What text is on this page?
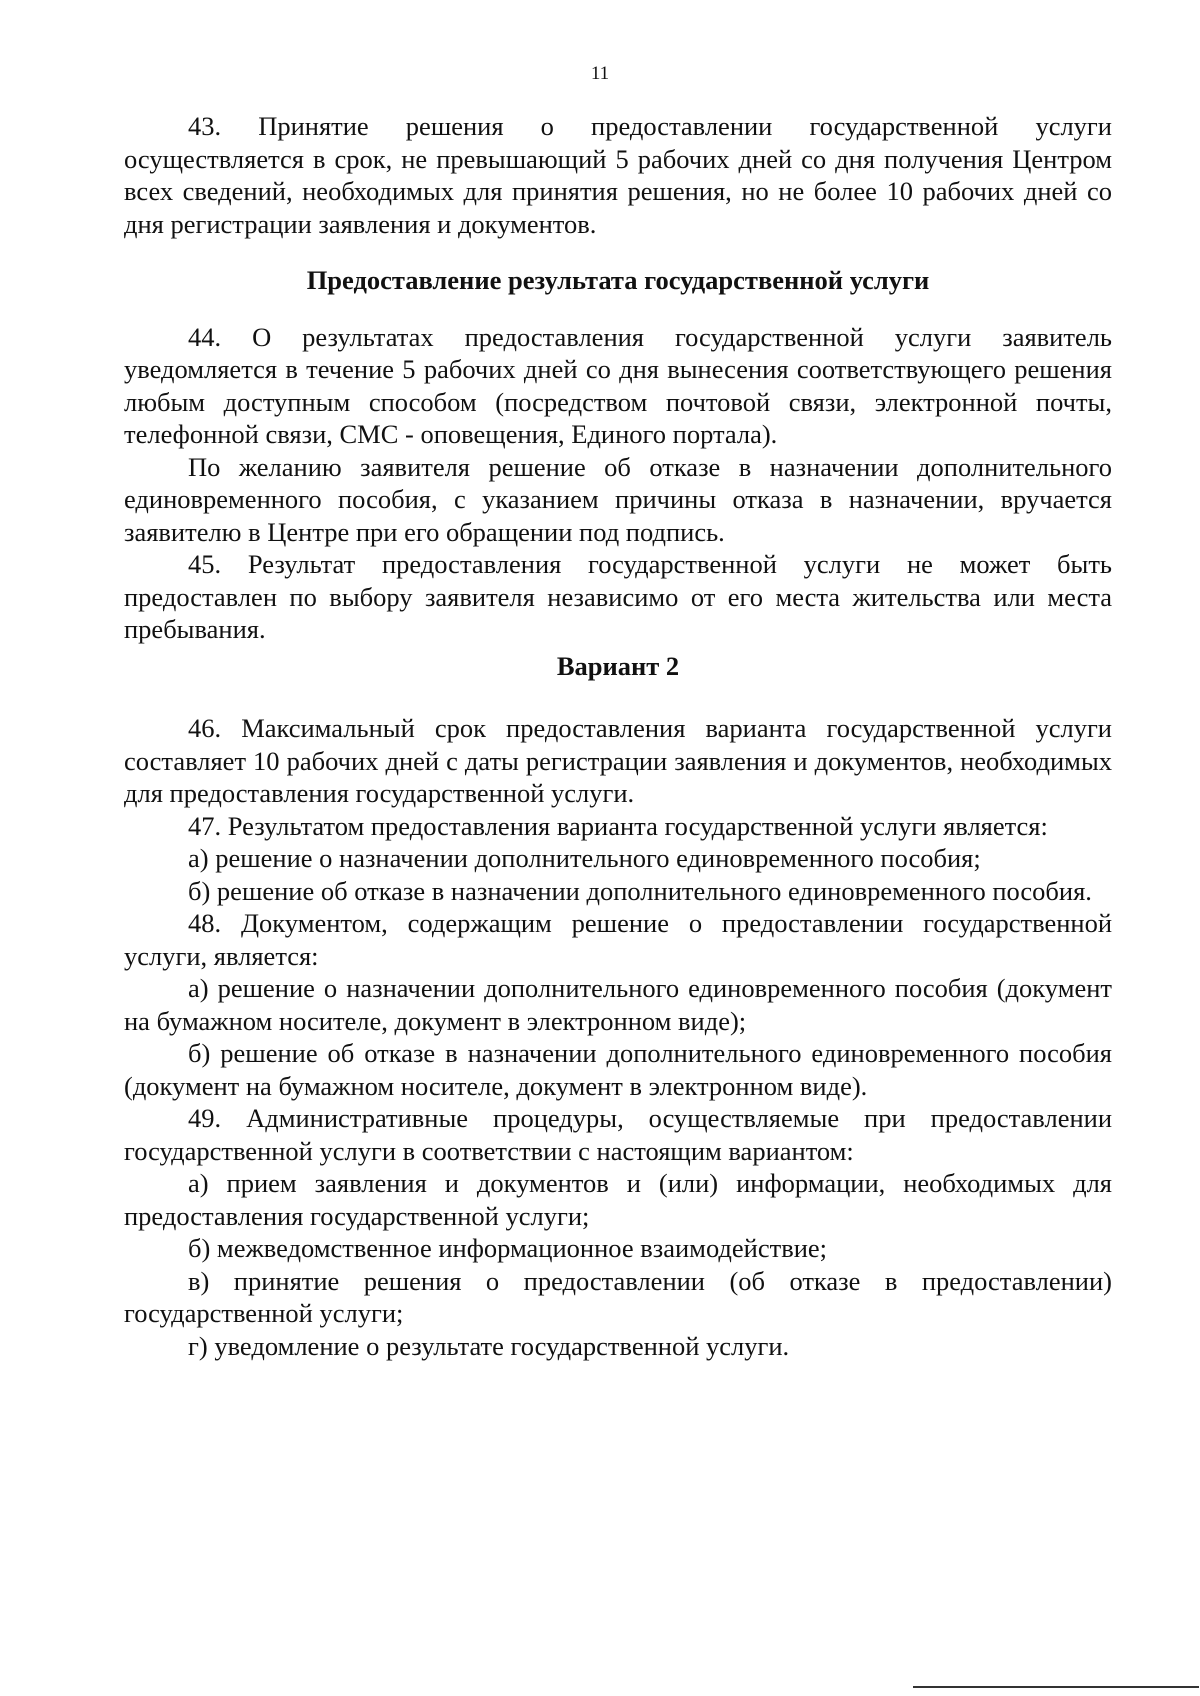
11

43. Принятие решения о предоставлении государственной услуги осуществляется в срок, не превышающий 5 рабочих дней со дня получения Центром всех сведений, необходимых для принятия решения, но не более 10 рабочих дней со дня регистрации заявления и документов.

Предоставление результата государственной услуги

44. О результатах предоставления государственной услуги заявитель уведомляется в течение 5 рабочих дней со дня вынесения соответствующего решения любым доступным способом (посредством почтовой связи, электронной почты, телефонной связи, СМС - оповещения, Единого портала).

По желанию заявителя решение об отказе в назначении дополнительного единовременного пособия, с указанием причины отказа в назначении, вручается заявителю в Центре при его обращении под подпись.

45. Результат предоставления государственной услуги не может быть предоставлен по выбору заявителя независимо от его места жительства или места пребывания.

Вариант 2

46. Максимальный срок предоставления варианта государственной услуги составляет 10 рабочих дней с даты регистрации заявления и документов, необходимых для предоставления государственной услуги.

47. Результатом предоставления варианта государственной услуги является:

а) решение о назначении дополнительного единовременного пособия;

б) решение об отказе в назначении дополнительного единовременного пособия.

48. Документом, содержащим решение о предоставлении государственной услуги, является:

а) решение о назначении дополнительного единовременного пособия (документ на бумажном носителе, документ в электронном виде);

б) решение об отказе в назначении дополнительного единовременного пособия (документ на бумажном носителе, документ в электронном виде).

49. Административные процедуры, осуществляемые при предоставлении государственной услуги в соответствии с настоящим вариантом:

а) прием заявления и документов и (или) информации, необходимых для предоставления государственной услуги;

б) межведомственное информационное взаимодействие;

в) принятие решения о предоставлении (об отказе в предоставлении) государственной услуги;

г) уведомление о результате государственной услуги.
